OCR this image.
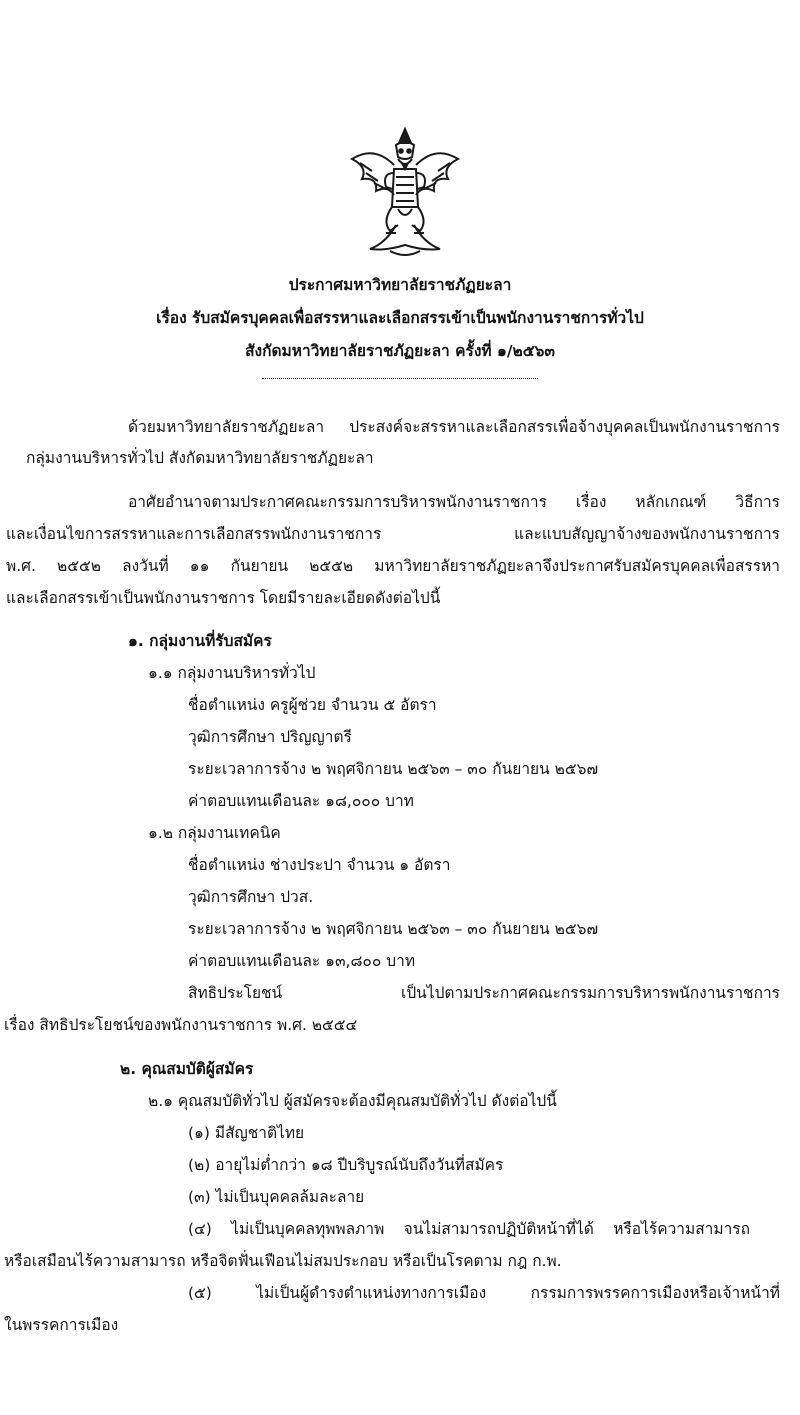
ประกาศมหาวิทยาลัยราชภัฏยะลา
เรื่อง รับสมัครบุคคลเพื่อสรรหาและเลือกสรรเข้าเป็นพนักงานราชการทั่วไป
สังกัดมหาวิทยาลัยราชภัฏยะลา ครั้งที่ ๑/๒๕๖๓
ด้วยมหาวิทยาลัยราชภัฏยะลา ประสงค์จะสรรหาและเลือกสรรเพื่อจ้างบุคคลเป็นพนักงานราชการ
กลุ่มงานบริหารทั่วไป สังกัดมหาวิทยาลัยราชภัฏยะลา
อาศัยอำนาจตามประกาศคณะกรรมการบริหารพนักงานราชการ เรื่อง หลักเกณฑ์ วิธีการ
และเงื่อนไขการสรรหาและการเลือกสรรพนักงานราชการ และแบบสัญญาจ้างของพนักงานราชการ
พ.ศ. ๒๕๕๒ ลงวันที่ ๑๑ กันยายน ๒๕๕๒ มหาวิทยาลัยราชภัฏยะลาจึงประกาศรับสมัครบุคคลเพื่อสรรหา
และเลือกสรรเข้าเป็นพนักงานราชการ โดยมีรายละเอียดดังต่อไปนี้
๑. กลุ่มงานที่รับสมัคร
๑.๑ กลุ่มงานบริหารทั่วไป
ชื่อตำแหน่ง ครูผู้ช่วย จำนวน ๕ อัตรา
วุฒิการศึกษา ปริญญาตรี
ระยะเวลาการจ้าง ๒ พฤศจิกายน ๒๕๖๓ – ๓๐ กันยายน ๒๕๖๗
ค่าตอบแทนเดือนละ ๑๘,๐๐๐ บาท
๑.๒ กลุ่มงานเทคนิค
ชื่อตำแหน่ง ช่างประปา จำนวน ๑ อัตรา
วุฒิการศึกษา ปวส.
ระยะเวลาการจ้าง ๒ พฤศจิกายน ๒๕๖๓ – ๓๐ กันยายน ๒๕๖๗
ค่าตอบแทนเดือนละ ๑๓,๘๐๐ บาท
สิทธิประโยชน์ เป็นไปตามประกาศคณะกรรมการบริหารพนักงานราชการ
เรื่อง สิทธิประโยชน์ของพนักงานราชการ พ.ศ. ๒๕๕๔
๒. คุณสมบัติผู้สมัคร
๒.๑ คุณสมบัติทั่วไป ผู้สมัครจะต้องมีคุณสมบัติทั่วไป ดังต่อไปนี้
(๑) มีสัญชาติไทย
(๒) อายุไม่ต่ำกว่า ๑๘ ปีบริบูรณ์นับถึงวันที่สมัคร
(๓) ไม่เป็นบุคคลล้มละลาย
(๔) ไม่เป็นบุคคลทุพพลภาพ จนไม่สามารถปฏิบัติหน้าที่ได้ หรือไร้ความสามารถ
หรือเสมือนไร้ความสามารถ หรือจิตฟั่นเฟือนไม่สมประกอบ หรือเป็นโรคตาม กฎ ก.พ.
(๕) ไม่เป็นผู้ดำรงตำแหน่งทางการเมือง กรรมการพรรคการเมืองหรือเจ้าหน้าที่
ในพรรคการเมือง
